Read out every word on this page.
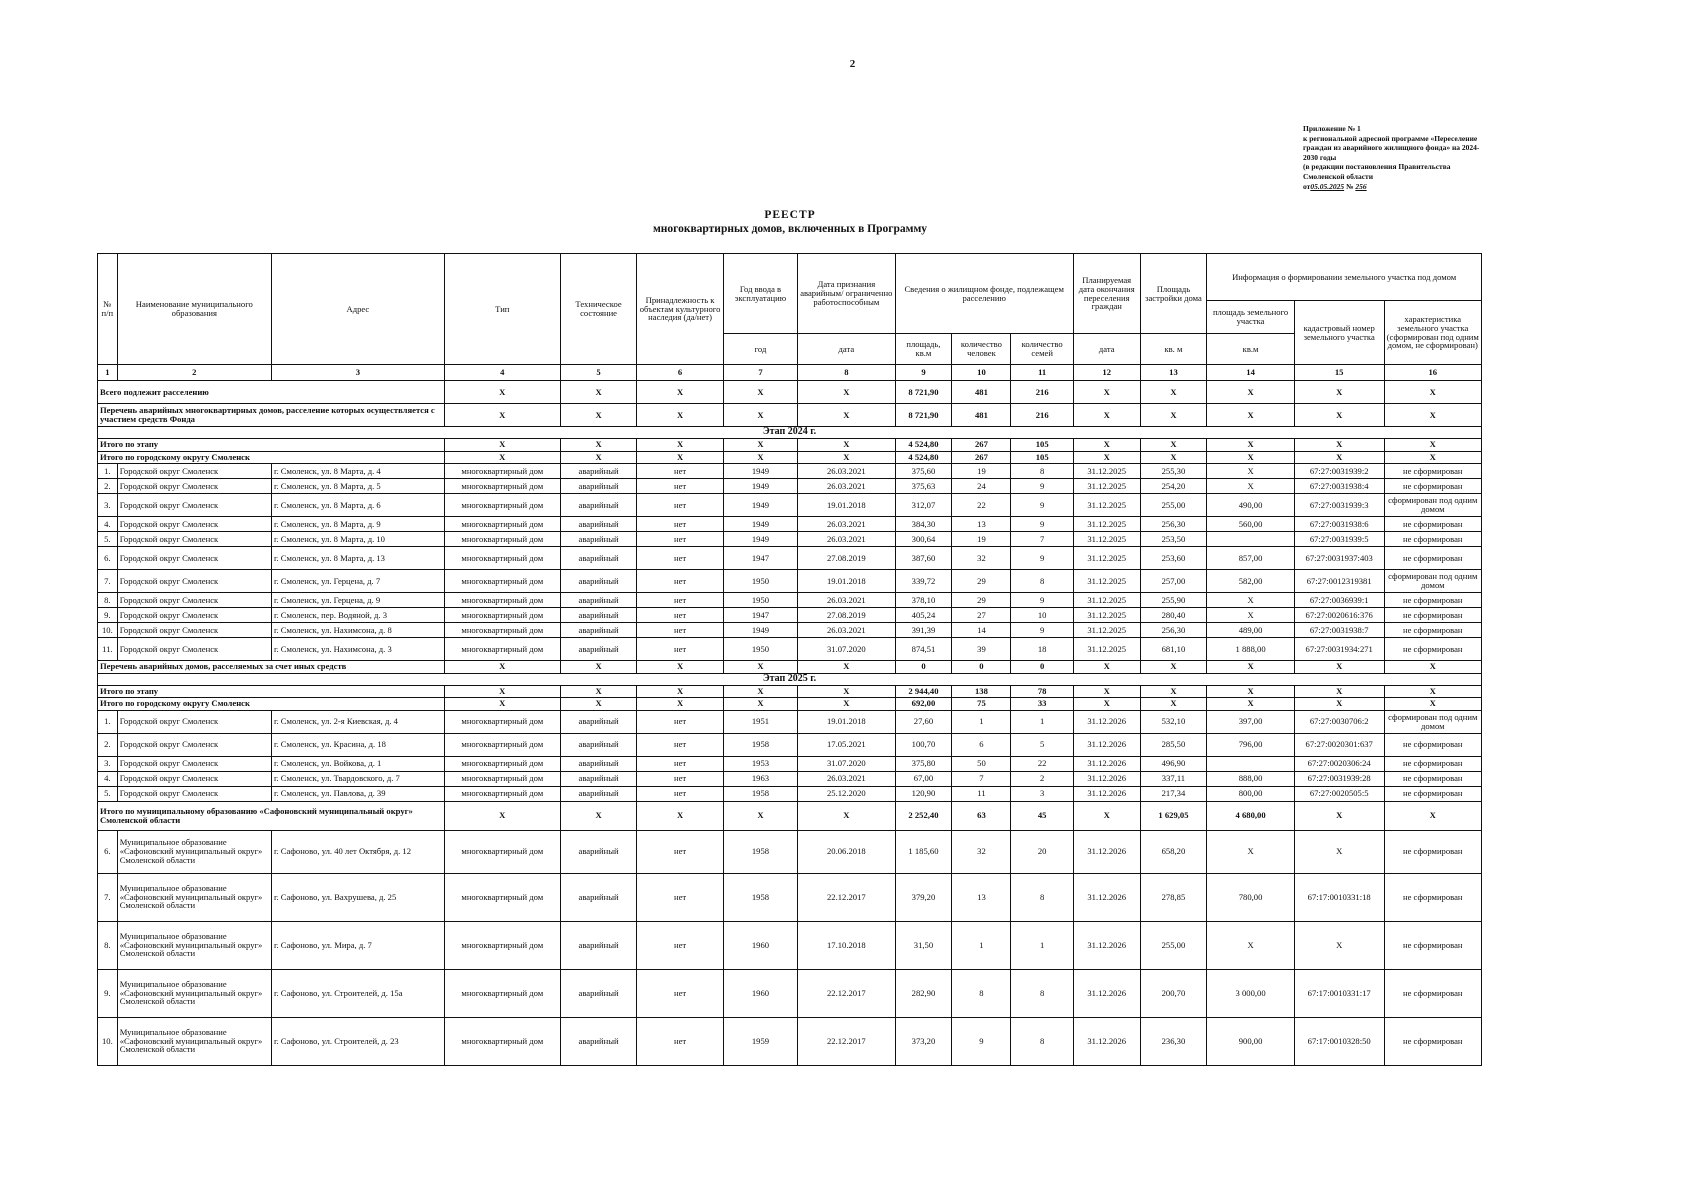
2
Приложение № 1
к региональной адресной программе «Переселение
граждан из аварийного жилищного фонда» на 2024-
2030 годы
(в редакции постановления Правительства
Смоленской области
от05.05.2025 № 256
РЕЕСТР
многоквартирных домов, включенных в Программу
№ п/п	Наименование муниципального образования	Адрес	Тип	Техническое состояние	Принадлежность к объектам культурного наследия (да/нет)	Год ввода в эксплуатацию	Дата признания аварийным/ ограниченно работоспособным	Сведения о жилищном фонде, подлежащем расселению			Планируемая дата окончания переселения граждан	Площадь застройки дома	Информация о формировании земельного участка под домом		
													площадь земельного участка	кадастровый номер земельного участка	характеристика земельного участка (сформирован под одним домом, не сформирован)
						год	дата	площадь, кв.м	количество человек	количество семей	дата	кв. м	кв.м		
1	2	3	4	5	6	7	8	9	10	11	12	13	14	15	16
Всего подлежит расселению			X	X	X	X	X	8 721,90	481	216	X	X	X	X	X
Перечень аварийных многоквартирных домов, расселение которых осуществляется с участием средств Фонда			X	X	X	X	X	8 721,90	481	216	X	X	X	X	X
Этап 2024 г.															
Итого по этапу			X	X	X	X	X	4 524,80	267	105	X	X	X	X	X
Итого по городскому округу Смоленск			X	X	X	X	X	4 524,80	267	105	X	X	X	X	X
1.	Городской округ Смоленск	г. Смоленск, ул. 8 Марта, д. 4	многоквартирный дом	аварийный	нет	1949	26.03.2021	375,60	19	8	31.12.2025	255,30	X	67:27:0031939:2	не сформирован
2.	Городской округ Смоленск	г. Смоленск, ул. 8 Марта, д. 5	многоквартирный дом	аварийный	нет	1949	26.03.2021	375,63	24	9	31.12.2025	254,20	X	67:27:0031938:4	не сформирован
3.	Городской округ Смоленск	г. Смоленск, ул. 8 Марта, д. 6	многоквартирный дом	аварийный	нет	1949	19.01.2018	312,07	22	9	31.12.2025	255,00	490,00	67:27:0031939:3	сформирован под одним домом
4.	Городской округ Смоленск	г. Смоленск, ул. 8 Марта, д. 9	многоквартирный дом	аварийный	нет	1949	26.03.2021	384,30	13	9	31.12.2025	256,30	560,00	67:27:0031938:6	не сформирован
5.	Городской округ Смоленск	г. Смоленск, ул. 8 Марта, д. 10	многоквартирный дом	аварийный	нет	1949	26.03.2021	300,64	19	7	31.12.2025	253,50		67:27:0031939:5	не сформирован
6.	Городской округ Смоленск	г. Смоленск, ул. 8 Марта, д. 13	многоквартирный дом	аварийный	нет	1947	27.08.2019	387,60	32	9	31.12.2025	253,60	857,00	67:27:0031937:403	не сформирован
7.	Городской округ Смоленск	г. Смоленск, ул. Герцена, д. 7	многоквартирный дом	аварийный	нет	1950	19.01.2018	339,72	29	8	31.12.2025	257,00	582,00	67:27:0012319381	сформирован под одним домом
8.	Городской округ Смоленск	г. Смоленск, ул. Герцена, д. 9	многоквартирный дом	аварийный	нет	1950	26.03.2021	378,10	29	9	31.12.2025	255,90	X	67:27:0036939:1	не сформирован
9.	Городской округ Смоленск	г. Смоленск, пер. Водяной, д. 3	многоквартирный дом	аварийный	нет	1947	27.08.2019	405,24	27	10	31.12.2025	280,40	X	67:27:0020616:376	не сформирован
10.	Городской округ Смоленск	г. Смоленск, ул. Нахимсона, д. 8	многоквартирный дом	аварийный	нет	1949	26.03.2021	391,39	14	9	31.12.2025	256,30	489,00	67:27:0031938:7	не сформирован
11.	Городской округ Смоленск	г. Смоленск, ул. Нахимсона, д. 3	многоквартирный дом	аварийный	нет	1950	31.07.2020	874,51	39	18	31.12.2025	681,10	1 888,00	67:27:0031934:271	не сформирован
Перечень аварийных домов, расселяемых за счет иных средств			X	X	X	X	X	0	0	0	X	X	X	X	X
Этап 2025 г.															
Итого по этапу			X	X	X	X	X	2 944,40	138	78	X	X	X	X	X
Итого по городскому округу Смоленск			X	X	X	X	X	692,00	75	33	X	X	X	X	X
1.	Городской округ Смоленск	г. Смоленск, ул. 2-я Киевская, д. 4	многоквартирный дом	аварийный	нет	1951	19.01.2018	27,60	1	1	31.12.2026	532,10	397,00	67:27:0030706:2	сформирован под одним домом
2.	Городской округ Смоленск	г. Смоленск, ул. Красина, д. 18	многоквартирный дом	аварийный	нет	1958	17.05.2021	100,70	6	5	31.12.2026	285,50	796,00	67:27:0020301:637	не сформирован
3.	Городской округ Смоленск	г. Смоленск, ул. Войкова, д. 1	многоквартирный дом	аварийный	нет	1953	31.07.2020	375,80	50	22	31.12.2026	496,90		67:27:0020306:24	не сформирован
4.	Городской округ Смоленск	г. Смоленск, ул. Твардовского, д. 7	многоквартирный дом	аварийный	нет	1963	26.03.2021	67,00	7	2	31.12.2026	337,11	888,00	67:27:0031939:28	не сформирован
5.	Городской округ Смоленск	г. Смоленск, ул. Павлова, д. 39	многоквартирный дом	аварийный	нет	1958	25.12.2020	120,90	11	3	31.12.2026	217,34	800,00	67:27:0020505:5	не сформирован
Итого по муниципальному образованию «Сафоновский муниципальный округ» Смоленской области			X	X	X	X	X	2 252,40	63	45	X	1 629,05	4 680,00	X	X
6.	Муниципальное образование «Сафоновский муниципальный округ» Смоленской области	г. Сафоново, ул. 40 лет Октября, д. 12	многоквартирный дом	аварийный	нет	1958	20.06.2018	1 185,60	32	20	31.12.2026	658,20	X	X	не сформирован
7.	Муниципальное образование «Сафоновский муниципальный округ» Смоленской области	г. Сафоново, ул. Вахрушева, д. 25	многоквартирный дом	аварийный	нет	1958	22.12.2017	379,20	13	8	31.12.2026	278,85	780,00	67:17:0010331:18	не сформирован
8.	Муниципальное образование «Сафоновский муниципальный округ» Смоленской области	г. Сафоново, ул. Мира, д. 7	многоквартирный дом	аварийный	нет	1960	17.10.2018	31,50	1	1	31.12.2026	255,00	X	X	не сформирован
9.	Муниципальное образование «Сафоновский муниципальный округ» Смоленской области	г. Сафоново, ул. Строителей, д. 15а	многоквартирный дом	аварийный	нет	1960	22.12.2017	282,90	8	8	31.12.2026	200,70	3 000,00	67:17:0010331:17	не сформирован
10.	Муниципальное образование «Сафоновский муниципальный округ» Смоленской области	г. Сафоново, ул. Строителей, д. 23	многоквартирный дом	аварийный	нет	1959	22.12.2017	373,20	9	8	31.12.2026	236,30	900,00	67:17:0010328:50	не сформирован
